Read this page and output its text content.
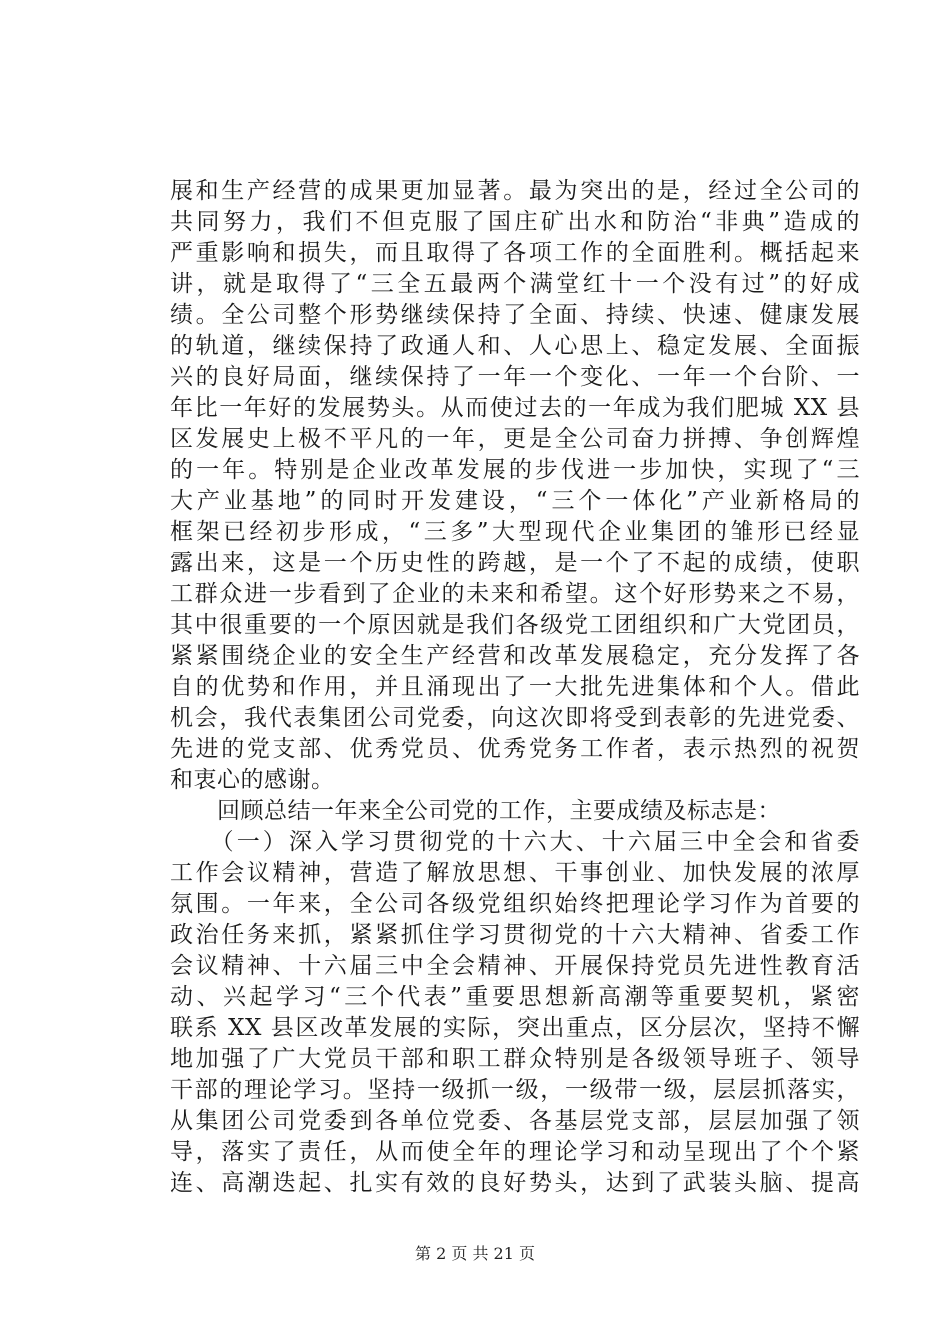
展和生产经营的成果更加显著。最为突出的是，经过全公司的
共同努力，我们不但克服了国庄矿出水和防治“非典”造成的
严重影响和损失，而且取得了各项工作的全面胜利。概括起来
讲，就是取得了“三全五最两个满堂红十一个没有过”的好成
绩。全公司整个形势继续保持了全面、持续、快速、健康发展
的轨道，继续保持了政通人和、人心思上、稳定发展、全面振
兴的良好局面，继续保持了一年一个变化、一年一个台阶、一
年比一年好的发展势头。从而使过去的一年成为我们肥城 XX 县
区发展史上极不平凡的一年，更是全公司奋力拼搏、争创辉煌
的一年。特别是企业改革发展的步伐进一步加快，实现了“三
大产业基地”的同时开发建设，“三个一体化”产业新格局的
框架已经初步形成，“三多”大型现代企业集团的雏形已经显
露出来，这是一个历史性的跨越，是一个了不起的成绩，使职
工群众进一步看到了企业的未来和希望。这个好形势来之不易，
其中很重要的一个原因就是我们各级党工团组织和广大党团员，
紧紧围绕企业的安全生产经营和改革发展稳定，充分发挥了各
自的优势和作用，并且涌现出了一大批先进集体和个人。借此
机会，我代表集团公司党委，向这次即将受到表彰的先进党委、
先进的党支部、优秀党员、优秀党务工作者，表示热烈的祝贺
和衷心的感谢。
　　回顾总结一年来全公司党的工作，主要成绩及标志是：
　　（一）深入学习贯彻党的十六大、十六届三中全会和省委
工作会议精神，营造了解放思想、干事创业、加快发展的浓厚
氛围。一年来，全公司各级党组织始终把理论学习作为首要的
政治任务来抓，紧紧抓住学习贯彻党的十六大精神、省委工作
会议精神、十六届三中全会精神、开展保持党员先进性教育活
动、兴起学习“三个代表”重要思想新高潮等重要契机，紧密
联系 XX 县区改革发展的实际，突出重点，区分层次，坚持不懈
地加强了广大党员干部和职工群众特别是各级领导班子、领导
干部的理论学习。坚持一级抓一级，一级带一级，层层抓落实，
从集团公司党委到各单位党委、各基层党支部，层层加强了领
导，落实了责任，从而使全年的理论学习和动呈现出了个个紧
连、高潮迭起、扎实有效的良好势头，达到了武装头脑、提高
第 2 页 共 21 页
